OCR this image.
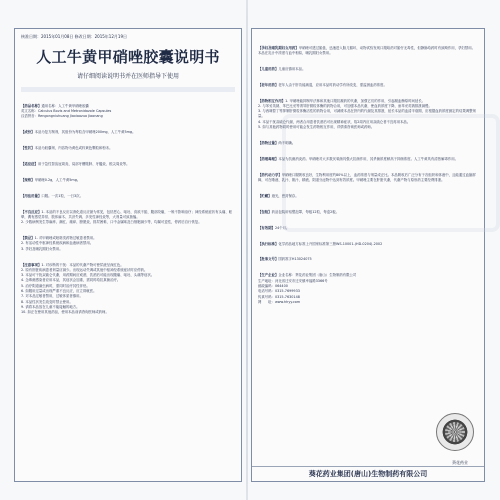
核准日期：2015年01月08日 修改日期：2015年12月19日
人工牛黄甲硝唑胶囊说明书
请仔细阅读说明书并在医师指导下使用

【药品名称】通用名称：人工牛黄甲硝唑胶囊
英文名称：Calculus Bovis and Metronidazole Capsules
汉语拼音：Rengongniuhuang Jiaxiaozuo Jiaonang

【成份】本品为复方制剂，其组份为每粒含甲硝唑200mg，人工牛黄5mg。

【性状】本品为胶囊剂，内容物为黄色或棕黄色颗粒和粉末。

【适应症】用于急性智齿冠周炎、局部牙槽脓肿、牙髓炎、根尖周炎等。

【规格】甲硝唑0.2g，人工牛黄5mg。

【用法用量】口服。一次1粒，一日3次。

【不良反应】1. 本品的不良反应以消化道反应最为常见，包括恶心、呕吐、食欲不振、腹部绞痛，一般不影响治疗；神经系统症状有头痛、眩晕，偶有感觉异常、肢体麻木、共济失调、多发性神经炎等，大剂量可致抽搐。
2. 少数病例发生荨麻疹、潮红、瘙痒、膀胱炎、排尿困难、口中金属味及白细胞减少等，均属可逆性，停药后自行恢复。

【禁忌】1. 对甲硝唑或吡咯类药物过敏患者禁用。
2. 有活动性中枢神经系统疾病和血液病者禁用。
3. 孕妇及哺乳期妇女禁用。

【注意事项】1. 对诊断的干扰：本品的代谢产物可使尿液呈深红色。
2. 原有肝脏疾病患者剂量应减少。出现运动失调或其他中枢神经系统症状时应停药。
3. 本品可干扰双硫仑代谢，用药期间应戒酒，饮酒后可能出现腹痛、呕吐、头痛等症状。
4. 念珠菌感染者应用本品，其症状会加重，需同时给抗真菌治疗。
5. 治疗阴道滴虫病时，需同时治疗其性伴侣。
6. 如服用过量或出现严重不良反应，应立即就医。
7. 对本品过敏者禁用，过敏体质者慎用。
8. 本品性状发生改变时禁止使用。
9. 请将本品放在儿童不能接触的地方。
10. 如正在使用其他药品，使用本品前请咨询医师或药师。

【孕妇及哺乳期妇女用药】甲硝唑可透过胎盘，迅速进入胎儿循环，动物试验发现口服给药对胎仔无毒性，但静脉给药时有致畸作用，孕妇禁用。本品在乳汁中浓度与血中相似，哺乳期妇女禁用。

【儿童用药】儿童应慎用本品。

【老年用药】老年人由于肝功能减退，应用本品时药动学有所改变，需监测血药浓度。

【药物相互作用】1. 甲硝唑能抑制华法林和其他口服抗凝药的代谢，加强它们的作用，引起凝血酶原时间延长。
2. 与苯妥英钠、苯巴比妥等诱导肝微粒体酶的药物合用，可加强本品代谢，使血药浓度下降，而苯妥英钠排泄减慢。
3. 与西咪替丁等抑制肝微粒体酶活性的药物合用，可减缓本品在肝内的代谢及其排泄，延长本品的血清半衰期，应根据血药浓度测定的结果调整剂量。
4. 本品干扰双硫仑代谢，两者合用患者饮酒后可出现精神症状，故2周内应用双硫仑者不宜再用本品。
5. 如与其他药物同时使用可能会发生药物相互作用，详情请咨询医师或药师。

【药物过量】尚不明确。

【药理毒理】本品为抗菌消炎药。甲硝唑对大多数厌氧菌具强大抗菌作用，其杀菌浓度稍高于抑菌浓度。人工牛黄具有清热解毒作用。

【药代动力学】甲硝唑口服吸收良好，生物利用度约80%以上，血药浓度与剂量成正比。本品吸收后广泛分布于各组织和体液中，且能通过血脑屏障，可在唾液、乳汁、胆汁、精液、阴道分泌物中达到有效浓度。甲硝唑主要在肝脏代谢，代谢产物与原形药主要经肾排泄。

【贮藏】遮光，密封保存。

【包装】药品包装用铝塑泡罩，每板12粒，每盒2板。

【有效期】24个月。

【执行标准】化学药品地方标准上升国家标准第三册WS-10001-(HD-0204)-2002

【批准文号】国药准字H13024075

【生产企业】企业名称：葵花药业集团（唐山）生物制药有限公司
生产地址：河北省迁安市迁安镇幸福路3366号
邮政编码：064400
电话号码：0315-7699933
传真号码：0315-7630148
网　　址：www.hhyy.com

葵花药业
葵花药业集团(唐山)生物制药有限公司
